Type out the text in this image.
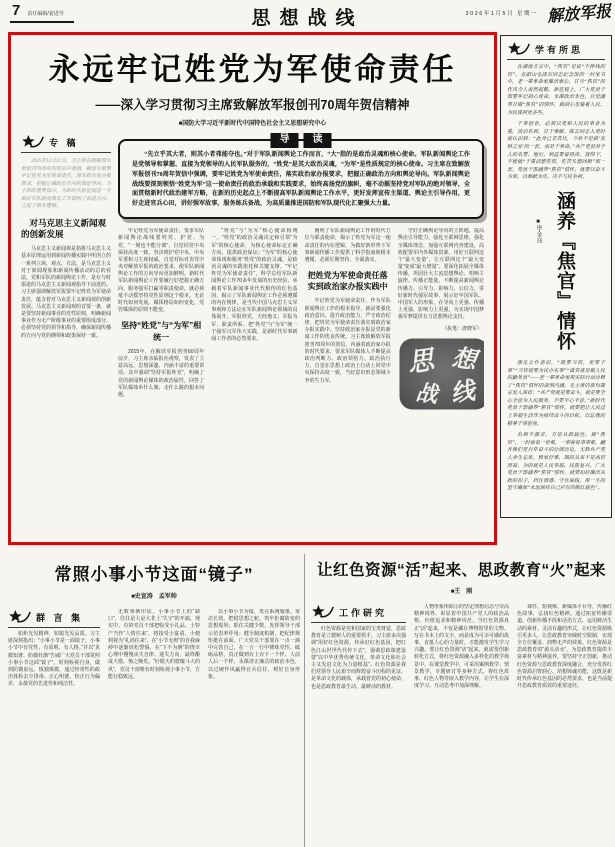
7 责任编辑/宴进导	思想战线	2026年1月5日 星期一 解放军报
永远牢记姓党为军使命责任
——深入学习贯彻习主席致解放军报创刊70周年贺信精神
■国防大学习近平新时代中国特色社会主义思想研究中心
专 稿

2025年12月31日，习主席在致解放军报创刊70周年的贺信中强调，解放军报要牢记姓党为军使命责任，落实政治家办报要求，把握正确政治方向和舆论导向。习主席的重要指示，为新时代新征程进一步做好军队新闻舆论工作指明了前进方向、立起了根本遵循。

对马克思主义新闻观的创新发展

马克思主义新闻观是指将马克思主义基本原理运用到新闻传播实践中所创立的一系列立场、观点、方法，是马克思主义对于新闻现象和新闻传播活动的总的看法。党和军队的新闻舆论工作，是在与时俱进的马克思主义新闻观指导下前进的。习主席强调解放军报要牢记姓党为军使命责任，蕴含着对马克思主义新闻观的创新发展。马克思主义新闻观的首要一条，就是要坚持新闻事业的党性原则，明确新闻事业作为无产阶级事业的重要组成部分，必须坚持党的领导和指导，确保新闻传播的方向与党的纲领和政策保持一致。

导	读

“先立乎其大者，则其小者弗能夺也。”对于军队新闻舆论工作而言，“大”指的是政治灵魂和核心使命。军队新闻舆论工作是党领导和掌握、直接为党领导的人民军队服务的，“姓党”是其大政治灵魂，“为军”是性质规定的核心使命。习主席在致解放军报创刊70周年贺信中强调，要牢记姓党为军使命责任，落实政治家办报要求，把握正确政治方向和舆论导向。军队新闻舆论战线要深刻领悟“姓党为军”这一使命责任的政治承载和实践要求，始终高扬党的旗帜，毫不动摇坚持党对军队的绝对领导，全面贯彻新时代政治建军方略，在新的历史起点上不断提高军队新闻舆论工作水平，更好发挥宣传主渠道、舆论主引导作用，更好走进官兵心田，讲好强军故事，服务练兵备战，为高质量推进国防和军队现代化汇聚强大力量。

牢记姓党为军使命责任，要求军队新闻舆论战线要姓党、护党、为党，“一刻也不能分离”，自觉同党中央保持高度一致，坚决维护党中央、中央军委和习主席权威，自觉对标对表党中央对解放军报的政治要求，使军队新闻舆论工作的方向导向更加鲜明。新时代军队新闻舆论工作要履行好把握正确方向、服务强军打赢等职责使命，就必须毫不动摇坚持党性原则这个根本。无论时代如何发展、媒体格局如何变化，党管媒体的原则不能变。

坚持“姓党”与“为军”相统一

2015年，在解放军报创刊60周年前夕，习主席亲临报社视察，发表了立意高远、思想深邃、内涵丰富的重要讲话，其中强调“坚持军报姓党”，明确了党的新闻舆论媒体的政治属性，回答了军队媒体举什么旗、走什么路的根本问题。

“姓党”与“为军”核心使命相统一。“姓党”的政治灵魂决定和引领“为军”的核心使命，为核心使命标定正确方向、提供政治保证；“为军”的核心使命体现和服务“姓党”的政治灵魂，是政治灵魂的实践依托和关键支撑。“牢记姓党为军使命责任”，科学总结军队新闻舆论工作70多年发展的历史经验，承载着军队新闻事业代代相传的红色基因，揭示了军队新闻舆论工作必须遵循的内在规律，是当代中国马克思主义军事观和方法论在军队新闻舆论领域的具体展开。军报姓党，天经地义；军报为军，职责所系。把“姓党”与“为军”统一于强军兴军伟大实践，是新时代军事新闻工作者的必然要求。

阐明了军队新闻舆论工作的时代方位与职责使命，揭示了姓党为军这一使命责任的内在逻辑，为做好新形势下军事新闻传播工作提供了科学指南和根本遵循，必须长期坚持、全面落实。

把姓党为军使命责任落实到政治家办报实践中

牢记姓党为军使命责任，作为军队新闻舆论工作的根本指导，就是要强化政治意识，提升政治能力，严守政治纪律，把姓党为军使命责任落实到政治家办报实践中。坚持政治家办报是党的新闻工作的优良传统。习主席致解放军报创刊70周年的贺信，内涵着政治家办报的时代要求，要求军队媒体人不断提高政治判断力、政治领悟力、政治执行力，自觉在思想上政治上行动上同党中央保持高度一致，当好意识形态领域斗争的生力军。

守好正确舆论导向的主阵地，提高舆论引导能力，强化互联网思维，强化全媒体理念，加强互联网内容建设，高效配置军内外媒体资源，用好互联网这个“最大变量”，让互联网这个“最大变量”变成“最大增量”。要深化拓展全媒体传播，巩固壮大主流思想舆论，唱响主旋律、传播正能量，不断提高新闻舆论传播力、引导力、影响力、公信力，讲好新时代强军故事，展示好中国军队、中国军人的形象，在导向上更强、传播上更强、影响力上更强，为实现中国梦强军梦提供有力思想舆论支持。

（执笔：唐晓军）
思 想
战 线
学有所思

在湖南方言中，“焦官”是说“不挣钱的官”。在韶山毛泽东同志纪念馆的一封家书中，老一辈革命家廉洁奉公、甘当“焦官”的作风令人肃然起敬。新征程上，广大党员干部要牢记初心使命，永葆政治本色，自觉涵养甘做“焦官”的情怀，做到心里装着人民、为民谋利更多些。

干事创业，必须以党和人民的事业为重，淡泊名利、甘于奉献。陈云同志入党时就认识到：“此身已非昔比，今后不是做‘发财立业’的一套，而是干革命。”共产党员对个人的名誉、地位、利益要看得淡、放得下，不能搞“干重活想奖赏，吃苦头想回报”那一套。党员干部涵养“焦官”情怀，就要以奋斗为荣、以奉献为乐，决不与民争利。

■毕金良 涵养『焦官』情怀

强化公仆意识，“既要当官，更要干事”“当官就要为民办实事”“做官就是做人民的勤务员”——老一辈革命家用实际行动诠释了“焦官”情怀的深刻内涵。毛主席的那句箴言发人深省：“共产党就是要奋斗，就是要全心全意为人民服务，不要半心半意。”新时代党员干部涵养“焦官”情怀，就要把让人民过上幸福生活作为接续奋斗的目标，以忘我的精神干事创业。

名利不强求，方显从政底色。做“焦官”，一时容易一世难，一事容易事事难。翻开我们党百年奋斗的壮阔历史，无数共产党人舍生忘死、毁家纾难，图的从来不是高官厚禄，为的就是人民幸福、民族复兴。广大党员干部涵养“焦官”情怀，就要扣好廉洁从政的扣子，挡住诱惑、守住底线，用一生的坚守确保“永远保持自己应有的鲜红底色”。

常照小事小节这面“镜子”
■史宣涛　孟军帅
群 言 集

如炬光见精神，如镜光见品质。习主席深刻指出：“小事小节是一面镜子，小事小节中有党性、有原则、有人格。”并以“见微知著、防微杜渐”告诫广大党员干部常照小事小节这面“镜子”，时刻检视自身，做到防微虑远、慎独慎微，通过经常性的政治体检去尘排毒、正心明德，校正行为偏差，永葆党的先进性和纯洁性。

无数事例印证，小事小节上的“缺口”，往往是大是大非上“失守”的开端。现实中，有的党员干部把收受小礼品、土特产当作“人情往来”，将接受小宴请、小便利视为“礼尚往来”，在“小节无碍”的自我麻痹中逐渐放松警惕，在“下不为例”的侥幸心理中慢慢丧失自律、迷失方向，最终酿成大错、悔之晚矣。“针眼大的窟窿斗大的风”，党员干部唯有时刻检视小事小节，方能行稳致远。

以小事小节为镜，贵在系统施策、常态长效。把稳思想之舵，筑牢拒腐防变的思想堤坝；抓住关键少数，发挥领导干部示范表率作用；健全制度机制，把纪律规矩挺在前面。广大党员干部要在一点一滴中完善自己，在一言一行中锤炼党性、砥砺品格，真正做到台上台下一个样、人前人后一个样，永葆清正廉洁的政治本色，以过硬作风赢得官兵信任、树好自身形象。

让红色资源“活”起来、思政教育“火”起来
■王　刚
工作研究

红色资源是党和国家的宝贵财富，思政教育是立德树人的重要抓手。习主席多次强调“用好红色资源，传承好红色基因，把红色江山世世代代传下去”，强调思政课建设要“以中华优秀传统文化、革命文化和社会主义先进文化为力量根基”。红色资源是我们党领导人民艰辛而辉煌奋斗历程的见证，是革命文化的载体，承载着党的初心使命，也是思政教育最生动、最鲜活的教材。

人物形象所昭示的坚定理想信念与崇高精神境界，彰显着中国共产党人的政治品格、价值追求和精神风范。当红色资源真正“活”起来，不仅是藏在博物馆里的文物、写在书本上的文字，而是成为可亲可感的故事、直抵人心的力量时，才能激发学生学习兴趣。要让红色资源“活”起来，就需要创新转化方式，将红色资源融入多样化的教学场景中。在课堂教学中，可采用案例教学、情景教学、专题研讨等多种方式，将红色故事、红色人物等嵌入教学内容，让学生在深度学习、互动思考中加深理解。

课件、短视频、新媒体平台等，传播红色故事，弘扬红色精神。通过拓宽传播渠道，创新传播手段和话语方式，运用鲜活生动的素材、灵活有趣的形式，让红色资源吸引更多人，让思政教育突破时空限制，实现全方位覆盖、润物无声的效果。红色资源是思政教育的“源头活水”，为思政教育提供丰富素材与精神滋养。要坚持守正创新，推动红色资源与思政教育深度融合，充分发挥红色资源启智润心、培根铸魂功能，这既是新时代传承红色基因的必然要求，也是当前提升思政教育质效的重要途径。
